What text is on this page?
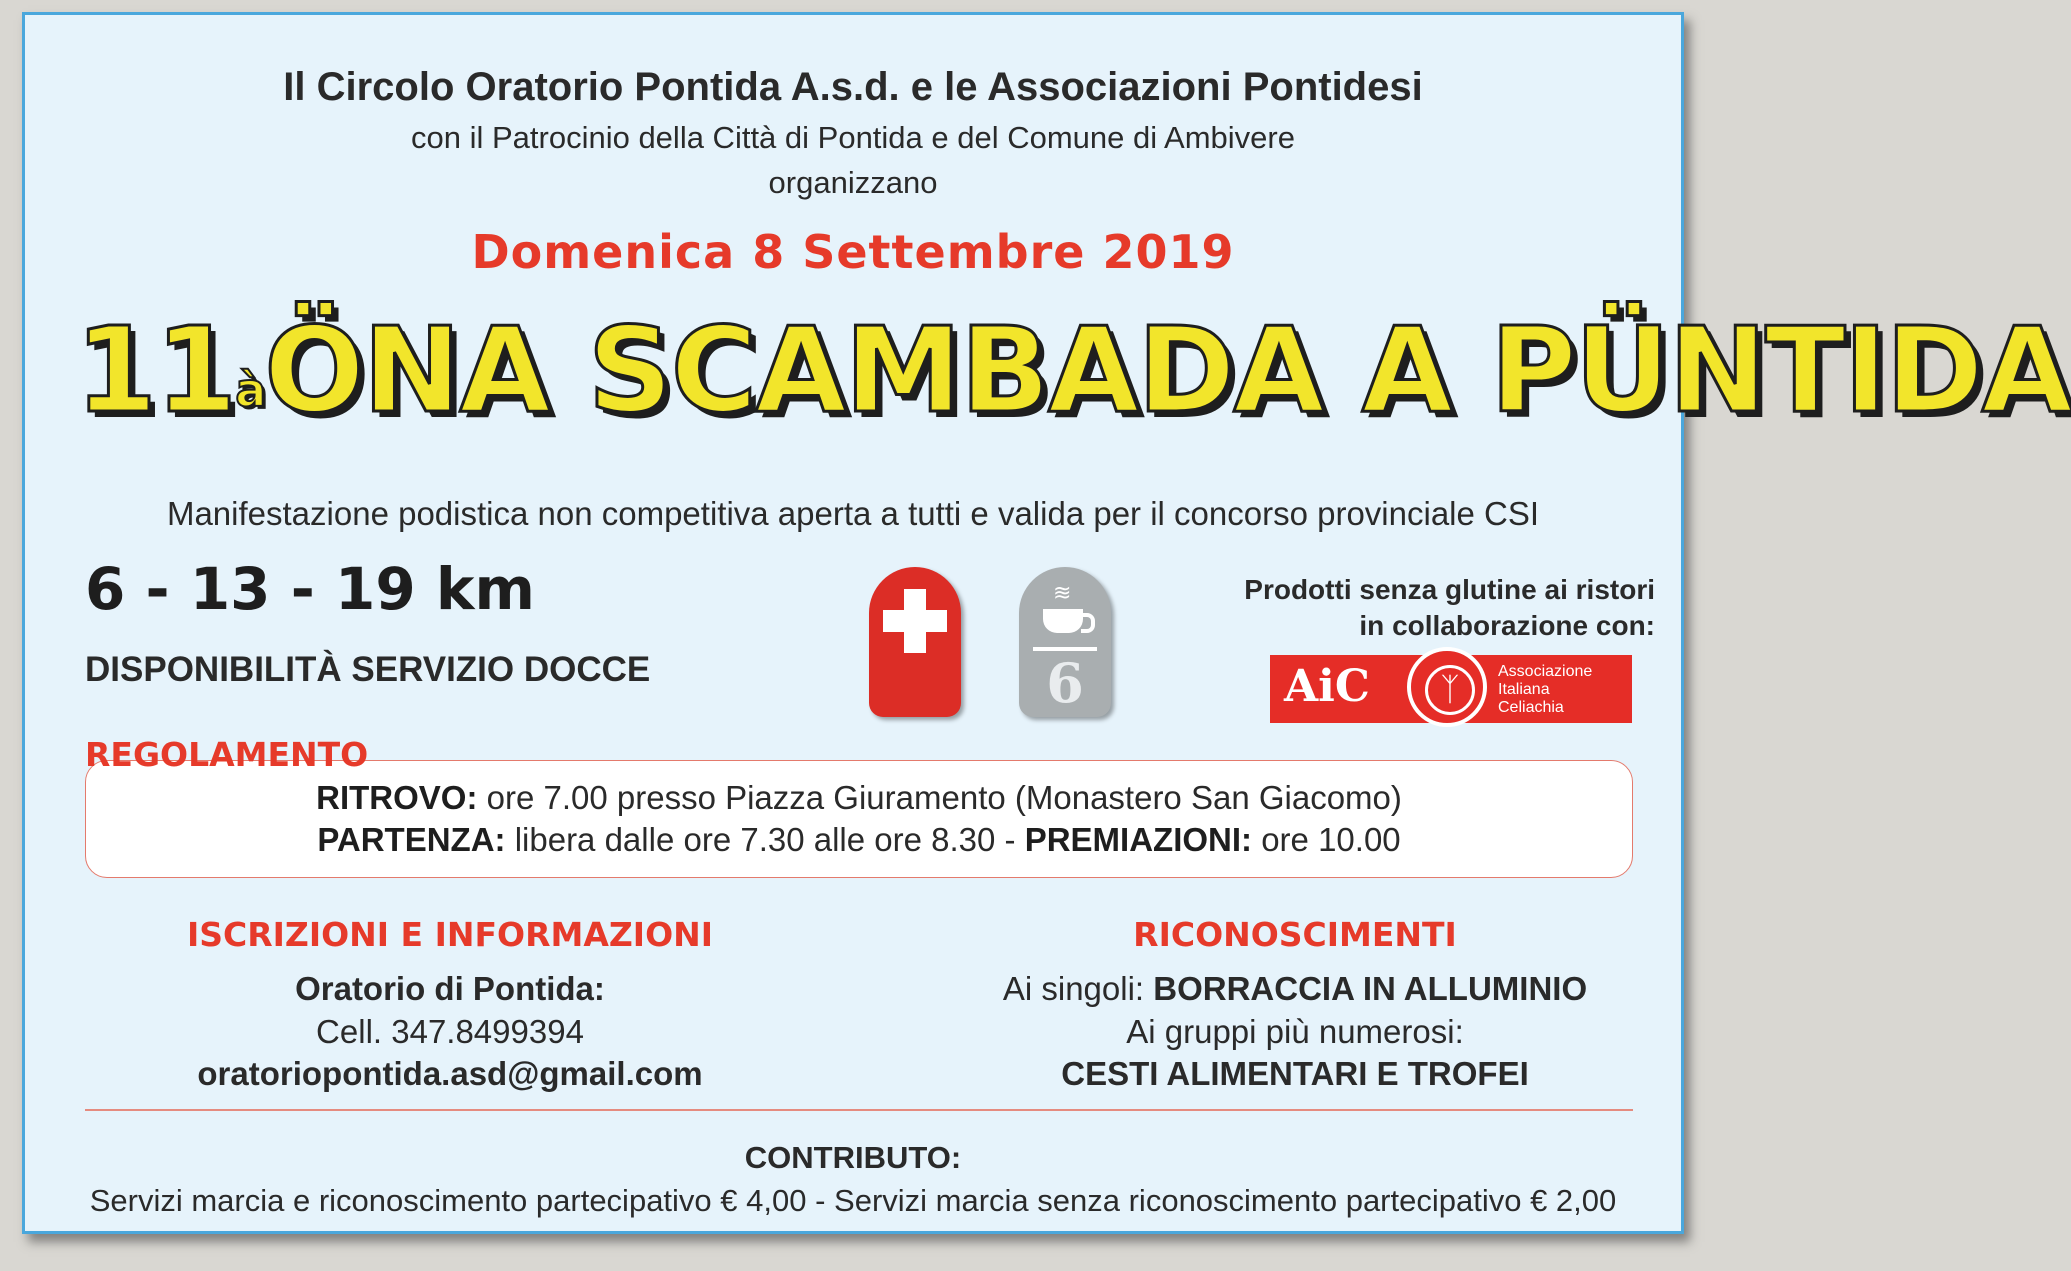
Il Circolo Oratorio Pontida A.s.d. e le Associazioni Pontidesi
con il Patrocinio della Città di Pontida e del Comune di Ambivere
organizzano
Domenica 8 Settembre 2019
11àÖNA SCAMBADA A PÜNTIDA
Manifestazione podistica non competitiva aperta a tutti e valida per il concorso provinciale CSI
6 - 13 - 19 km
DISPONIBILITÀ SERVIZIO DOCCE
≋
6
Prodotti senza glutine ai ristori
in collaborazione con:
AiC	ᛉ	Associazione
Italiana
Celiachia
RITROVO: ore 7.00 presso Piazza Giuramento (Monastero San Giacomo)
PARTENZA: libera dalle ore 7.30 alle ore 8.30 - PREMIAZIONI: ore 10.00
REGOLAMENTO
ISCRIZIONI E INFORMAZIONI
Oratorio di Pontida:
Cell. 347.8499394
oratoriopontida.asd@gmail.com
RICONOSCIMENTI
Ai singoli: BORRACCIA IN ALLUMINIO
Ai gruppi più numerosi:
CESTI ALIMENTARI E TROFEI
CONTRIBUTO:
Servizi marcia e riconoscimento partecipativo € 4,00 - Servizi marcia senza riconoscimento partecipativo € 2,00
